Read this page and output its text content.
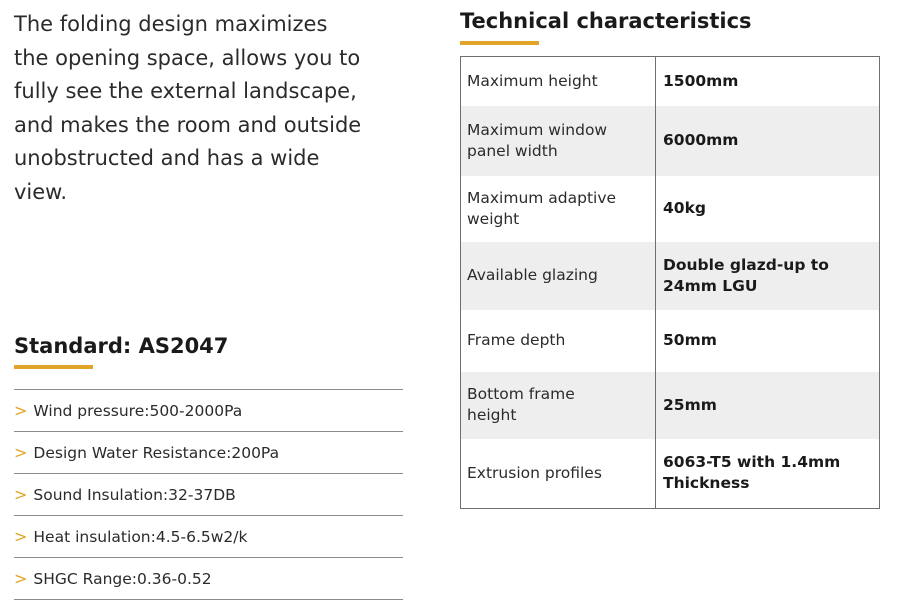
The folding design maximizes
the opening space, allows you to
fully see the external landscape,
and makes the room and outside
unobstructed and has a wide
view.

Standard: AS2047
> Wind pressure:500-2000Pa
> Design Water Resistance:200Pa
> Sound Insulation:32-37DB
> Heat insulation:4.5-6.5w2/k
> SHGC Range:0.36-0.52
Technical characteristics
Maximum height	1500mm
Maximum window
panel width	6000mm
Maximum adaptive
weight	40kg
Available glazing	Double glazd-up to
24mm LGU
Frame depth	50mm
Bottom frame
height	25mm
Extrusion profiles	6063-T5 with 1.4mm
Thickness
